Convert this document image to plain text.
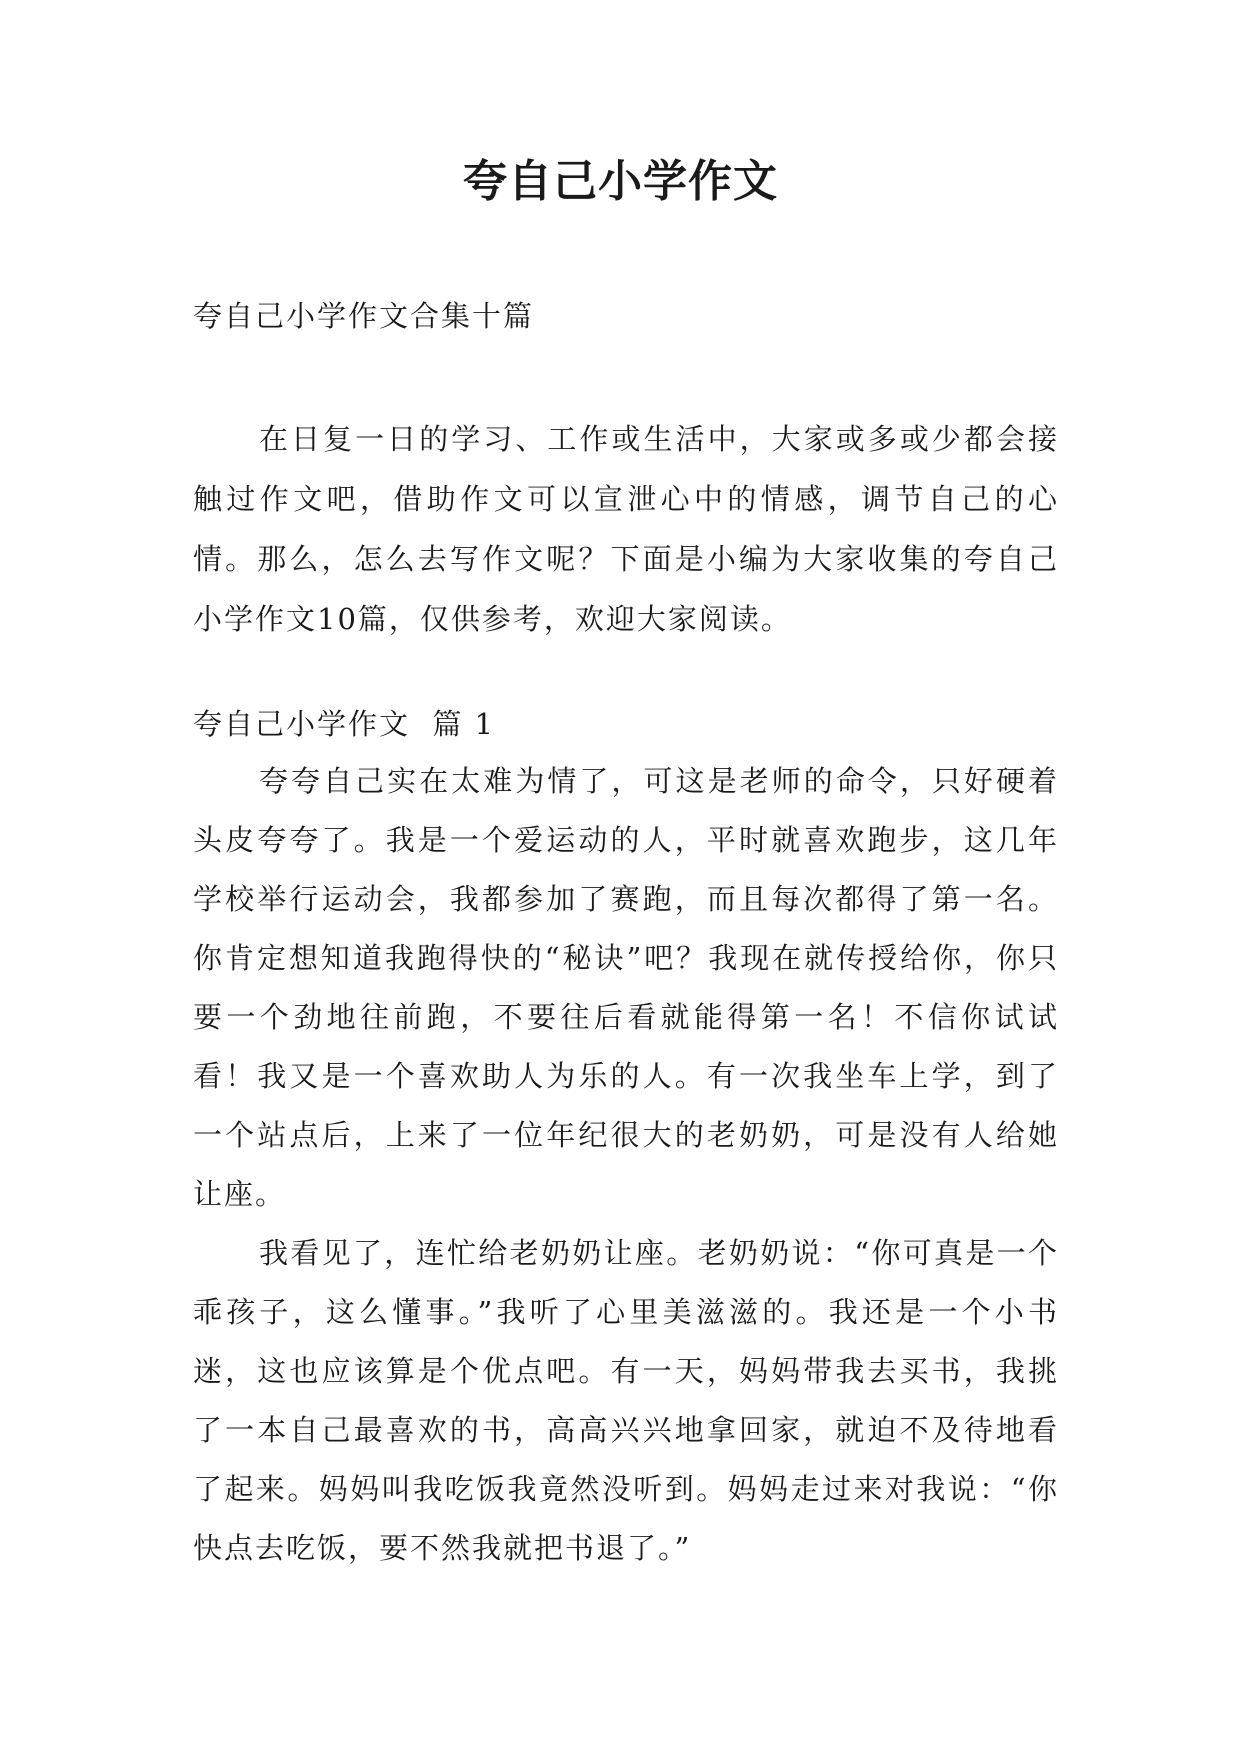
夸自己小学作文
夸自己小学作文合集十篇
在日复一日的学习、工作或生活中，大家或多或少都会接触过作文吧，借助作文可以宣泄心中的情感，调节自己的心情。那么，怎么去写作文呢？下面是小编为大家收集的夸自己小学作文10篇，仅供参考，欢迎大家阅读。
夸自己小学作文  篇 1

夸夸自己实在太难为情了，可这是老师的命令，只好硬着头皮夸夸了。我是一个爱运动的人，平时就喜欢跑步，这几年学校举行运动会，我都参加了赛跑，而且每次都得了第一名。你肯定想知道我跑得快的“秘诀”吧？我现在就传授给你，你只要一个劲地往前跑，不要往后看就能得第一名！不信你试试看！我又是一个喜欢助人为乐的人。有一次我坐车上学，到了一个站点后，上来了一位年纪很大的老奶奶，可是没有人给她让座。

我看见了，连忙给老奶奶让座。老奶奶说：“你可真是一个乖孩子，这么懂事。”我听了心里美滋滋的。我还是一个小书迷，这也应该算是个优点吧。有一天，妈妈带我去买书，我挑了一本自己最喜欢的书，高高兴兴地拿回家，就迫不及待地看了起来。妈妈叫我吃饭我竟然没听到。妈妈走过来对我说：“你快点去吃饭，要不然我就把书退了。”
